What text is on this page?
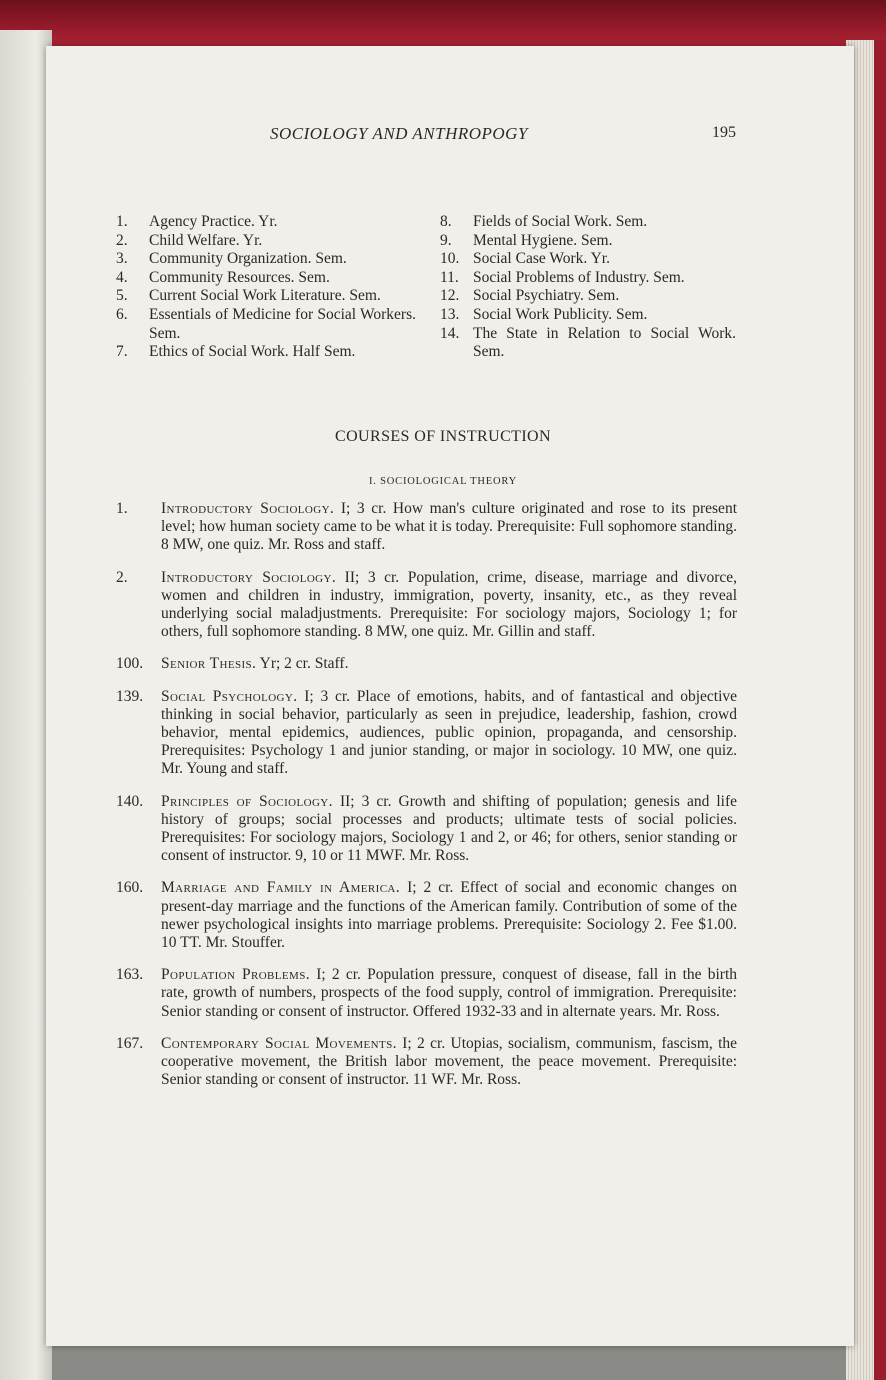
SOCIOLOGY AND ANTHROPOGY	195
1.	Agency Practice. Yr.
2.	Child Welfare. Yr.
3.	Community Organization. Sem.
4.	Community Resources. Sem.
5.	Current Social Work Literature. Sem.
6.	Essentials of Medicine for Social Workers. Sem.
7.	Ethics of Social Work. Half Sem.
8.	Fields of Social Work. Sem.
9.	Mental Hygiene. Sem.
10. Social Case Work. Yr.
11. Social Problems of Industry. Sem.
12. Social Psychiatry. Sem.
13. Social Work Publicity. Sem.
14. The State in Relation to Social Work. Sem.
COURSES OF INSTRUCTION
I. SOCIOLOGICAL THEORY
1.	Introductory Sociology. I; 3 cr. How man's culture originated and rose to its present level; how human society came to be what it is today. Prerequisite: Full sophomore standing. 8 MW, one quiz. Mr. Ross and staff.
2.	Introductory Sociology. II; 3 cr. Population, crime, disease, marriage and divorce, women and children in industry, immigration, poverty, insanity, etc., as they reveal underlying social maladjustments. Prerequisite: For sociology majors, Sociology 1; for others, full sophomore standing. 8 MW, one quiz. Mr. Gillin and staff.
100.	Senior Thesis. Yr; 2 cr. Staff.
139.	Social Psychology. I; 3 cr. Place of emotions, habits, and of fantastical and objective thinking in social behavior, particularly as seen in prejudice, leadership, fashion, crowd behavior, mental epidemics, audiences, public opinion, propaganda, and censorship. Prerequisites: Psychology 1 and junior standing, or major in sociology. 10 MW, one quiz. Mr. Young and staff.
140.	Principles of Sociology. II; 3 cr. Growth and shifting of population; genesis and life history of groups; social processes and products; ultimate tests of social policies. Prerequisites: For sociology majors, Sociology 1 and 2, or 46; for others, senior standing or consent of instructor. 9, 10 or 11 MWF. Mr. Ross.
160.	Marriage and Family in America. I; 2 cr. Effect of social and economic changes on present-day marriage and the functions of the American family. Contribution of some of the newer psychological insights into marriage problems. Prerequisite: Sociology 2. Fee $1.00. 10 TT. Mr. Stouffer.
163.	Population Problems. I; 2 cr. Population pressure, conquest of disease, fall in the birth rate, growth of numbers, prospects of the food supply, control of immigration. Prerequisite: Senior standing or consent of instructor. Offered 1932-33 and in alternate years. Mr. Ross.
167.	Contemporary Social Movements. I; 2 cr. Utopias, socialism, communism, fascism, the cooperative movement, the British labor movement, the peace movement. Prerequisite: Senior standing or consent of instructor. 11 WF. Mr. Ross.
